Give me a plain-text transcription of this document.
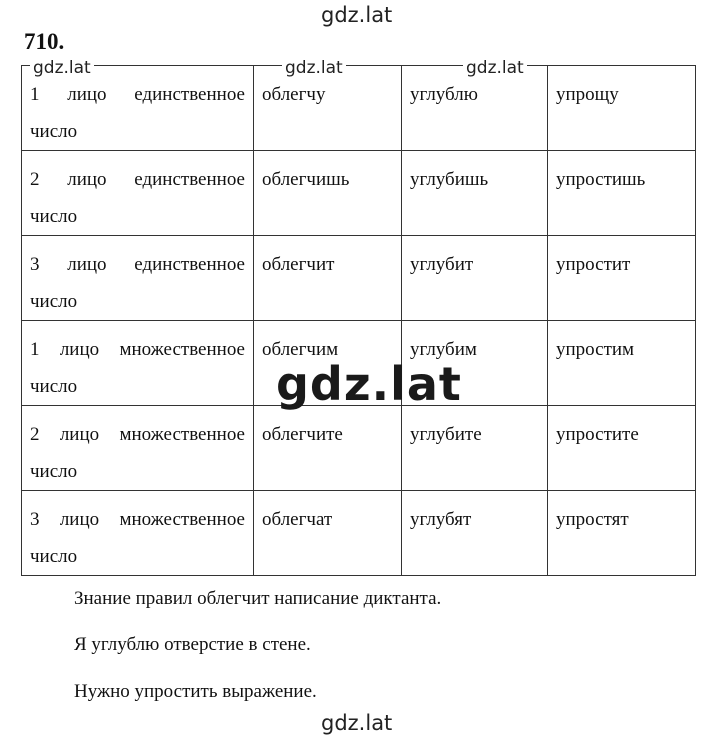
gdz.lat
710.
1 лицо единственное
число	облегчу	углублю	упрощу

2 лицо единственное
число	облегчишь	углубишь	упростишь

3 лицо единственное
число	облегчит	углубит	упростит

1 лицо множественное
число	облегчим	углубим	упростим

2 лицо множественное
число	облегчите	углубите	упростите

3 лицо множественное
число	облегчат	углубят	упростят
gdz.lat	gdz.lat	gdz.lat
gdz.lat
Знание правил облегчит написание диктанта.
Я углублю отверстие в стене.
Нужно упростить выражение.
gdz.lat
